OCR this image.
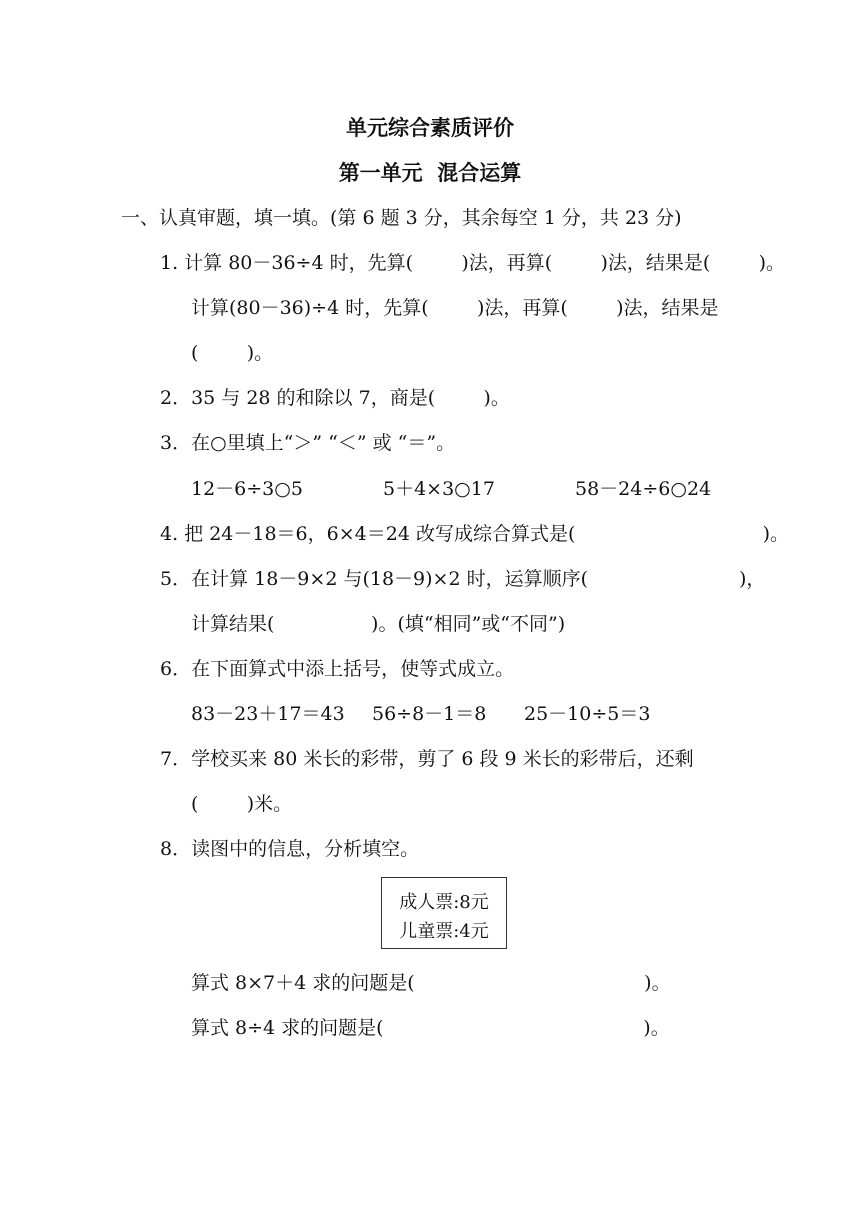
单元综合素质评价
第一单元  混合运算
一、认真审题，填一填。(第 6 题 3 分，其余每空 1 分，共 23 分)
1. 计算 80－36÷4 时，先算(        )法，再算(        )法，结果是(        )。
计算(80－36)÷4 时，先算(        )法，再算(        )法，结果是
(        )。
2．35 与 28 的和除以 7，商是(        )。
3．在○里填上“＞” “＜” 或 “＝”。
12－6÷3○5	5＋4×3○17	58－24÷6○24
4. 把 24－18＝6，6×4＝24 改写成综合算式是(                               )。
5．在计算 18－9×2 与(18－9)×2 时，运算顺序(                         )，
计算结果(                )。(填“相同”或“不同”)
6．在下面算式中添上括号，使等式成立。
83－23＋17＝43 56÷8－1＝8 25－10÷5＝3
7．学校买来 80 米长的彩带，剪了 6 段 9 米长的彩带后，还剩
(        )米。
8．读图中的信息，分析填空。
成人票:8元
儿童票:4元
算式 8×7＋4 求的问题是(                                      )。
算式 8÷4 求的问题是(                                           )。
